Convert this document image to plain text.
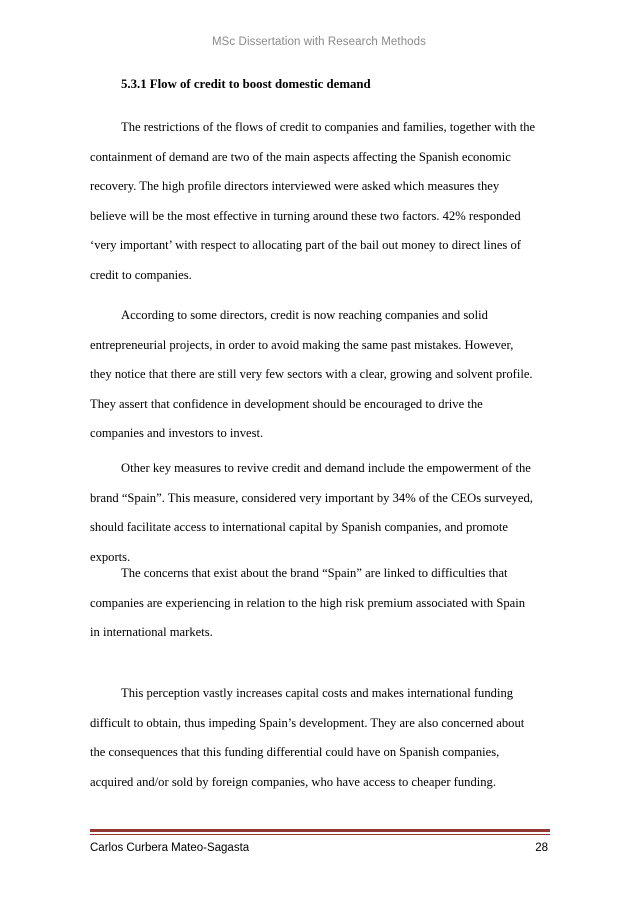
MSc Dissertation with Research Methods
5.3.1 Flow of credit to boost domestic demand
The restrictions of the flows of credit to companies and families, together with the
containment of demand are two of the main aspects affecting the Spanish economic
recovery. The high profile directors interviewed were asked which measures they
believe will be the most effective in turning around these two factors. 42% responded
‘very important’ with respect to allocating part of the bail out money to direct lines of
credit to companies.
According to some directors, credit is now reaching companies and solid
entrepreneurial projects, in order to avoid making the same past mistakes. However,
they notice that there are still very few sectors with a clear, growing and solvent profile.
They assert that confidence in development should be encouraged to drive the
companies and investors to invest.
Other key measures to revive credit and demand include the empowerment of the
brand “Spain”. This measure, considered very important by 34% of the CEOs surveyed,
should facilitate access to international capital by Spanish companies, and promote
exports.
The concerns that exist about the brand “Spain” are linked to difficulties that
companies are experiencing in relation to the high risk premium associated with Spain
in international markets.
This perception vastly increases capital costs and makes international funding
difficult to obtain, thus impeding Spain’s development. They are also concerned about
the consequences that this funding differential could have on Spanish companies,
acquired and/or sold by foreign companies, who have access to cheaper funding.
Carlos Curbera Mateo-Sagasta	28
